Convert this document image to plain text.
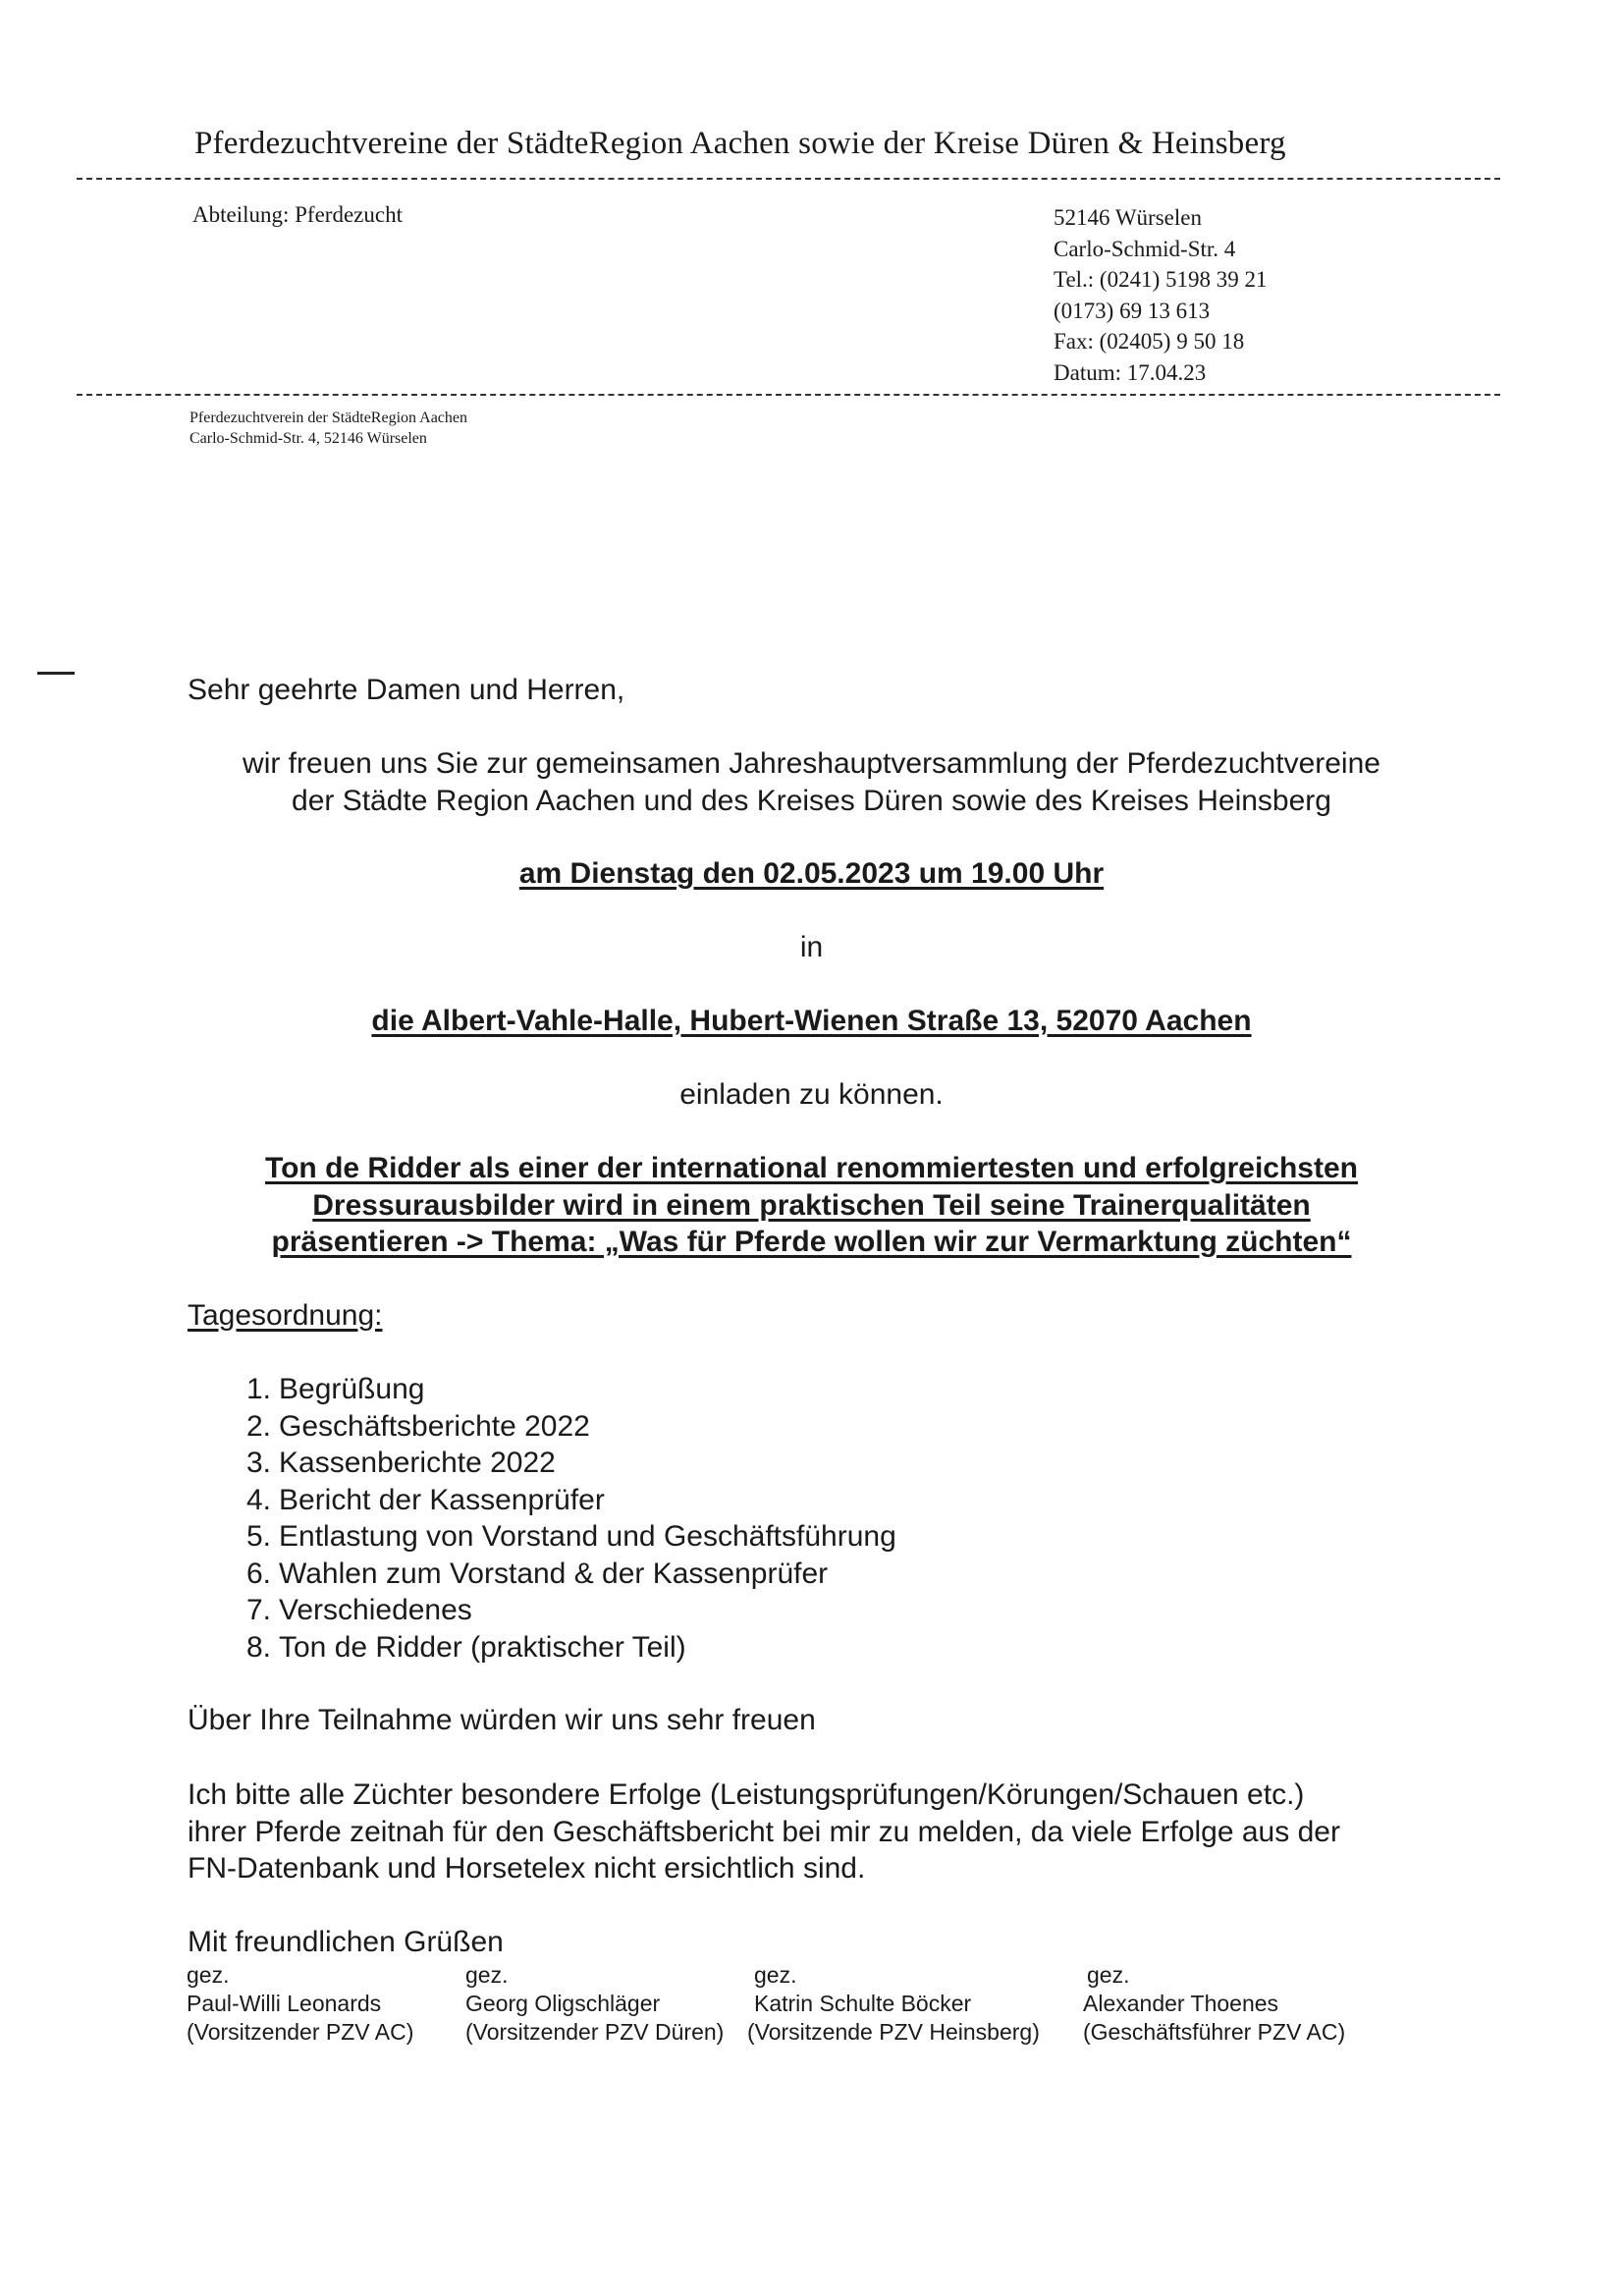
Pferdezuchtvereine der StädteRegion Aachen sowie der Kreise Düren & Heinsberg
Abteilung: Pferdezucht	52146 Würselen
Carlo-Schmid-Str. 4
Tel.: (0241) 5198 39 21
(0173) 69 13 613
Fax: (02405) 9 50 18
Datum: 17.04.23
Pferdezuchtverein der StädteRegion Aachen
Carlo-Schmid-Str. 4, 52146 Würselen
Sehr geehrte Damen und Herren,
wir freuen uns Sie zur gemeinsamen Jahreshauptversammlung der Pferdezuchtvereine
der Städte Region Aachen und des Kreises Düren sowie des Kreises Heinsberg
am Dienstag den 02.05.2023 um 19.00 Uhr
in
die Albert-Vahle-Halle, Hubert-Wienen Straße 13, 52070 Aachen
einladen zu können.
Ton de Ridder als einer der international renommiertesten und erfolgreichsten
Dressurausbilder wird in einem praktischen Teil seine Trainerqualitäten
präsentieren -> Thema: „Was für Pferde wollen wir zur Vermarktung züchten“
Tagesordnung:
1. Begrüßung
2. Geschäftsberichte 2022
3. Kassenberichte 2022
4. Bericht der Kassenprüfer
5. Entlastung von Vorstand und Geschäftsführung
6. Wahlen zum Vorstand & der Kassenprüfer
7. Verschiedenes
8. Ton de Ridder (praktischer Teil)
Über Ihre Teilnahme würden wir uns sehr freuen
Ich bitte alle Züchter besondere Erfolge (Leistungsprüfungen/Körungen/Schauen etc.)
ihrer Pferde zeitnah für den Geschäftsbericht bei mir zu melden, da viele Erfolge aus der
FN-Datenbank und Horsetelex nicht ersichtlich sind.
Mit freundlichen Grüßen
gez.
Paul-Willi Leonards
(Vorsitzender PZV AC)
gez.
Georg Oligschläger
(Vorsitzender PZV Düren)
gez.
Katrin Schulte Böcker
(Vorsitzende PZV Heinsberg)
gez.
Alexander Thoenes
(Geschäftsführer PZV AC)
